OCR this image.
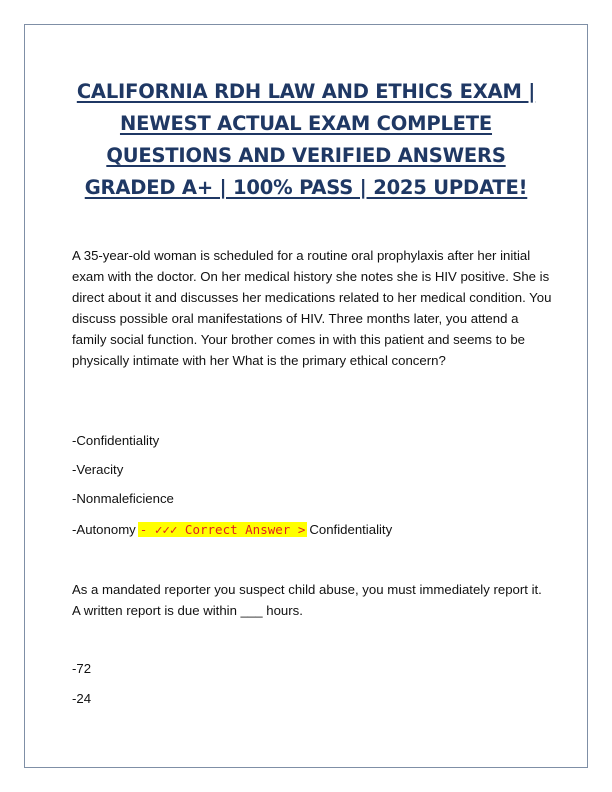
CALIFORNIA RDH LAW AND ETHICS EXAM |
NEWEST ACTUAL EXAM COMPLETE
QUESTIONS AND VERIFIED ANSWERS
GRADED A+ | 100% PASS | 2025 UPDATE!

A 35-year-old woman is scheduled for a routine oral prophylaxis after her initial exam with the doctor. On her medical history she notes she is HIV positive. She is direct about it and discusses her medications related to her medical condition. You discuss possible oral manifestations of HIV. Three months later, you attend a family social function. Your brother comes in with this patient and seems to be physically intimate with her What is the primary ethical concern?

-Confidentiality

-Veracity

-Nonmaleficience

-Autonomy - ✓✓✓ Correct Answer > Confidentiality

As a mandated reporter you suspect child abuse, you must immediately report it. A written report is due within ___ hours.

-72

-24
